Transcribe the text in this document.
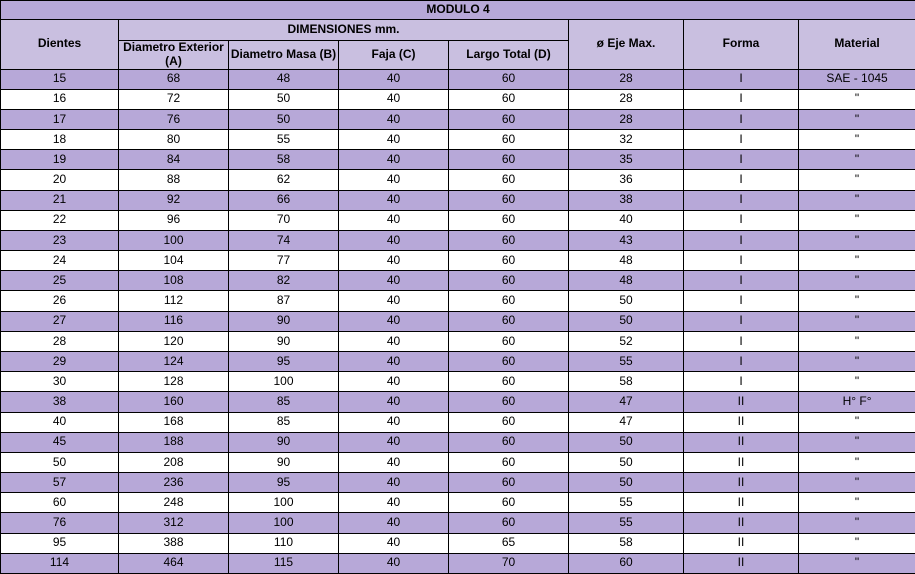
MODULO 4							
Dientes	DIMENSIONES mm.				ø Eje Max.	Forma	Material
	Diametro Exterior (A)	Diametro Masa (B)	Faja (C)	Largo Total (D)			
15	68	48	40	60	28	I	SAE - 1045
16	72	50	40	60	28	I	"
17	76	50	40	60	28	I	"
18	80	55	40	60	32	I	"
19	84	58	40	60	35	I	"
20	88	62	40	60	36	I	"
21	92	66	40	60	38	I	"
22	96	70	40	60	40	I	"
23	100	74	40	60	43	I	"
24	104	77	40	60	48	I	"
25	108	82	40	60	48	I	"
26	112	87	40	60	50	I	"
27	116	90	40	60	50	I	"
28	120	90	40	60	52	I	"
29	124	95	40	60	55	I	"
30	128	100	40	60	58	I	"
38	160	85	40	60	47	II	H° F°
40	168	85	40	60	47	II	"
45	188	90	40	60	50	II	"
50	208	90	40	60	50	II	"
57	236	95	40	60	50	II	"
60	248	100	40	60	55	II	"
76	312	100	40	60	55	II	"
95	388	110	40	65	58	II	"
114	464	115	40	70	60	II	"
